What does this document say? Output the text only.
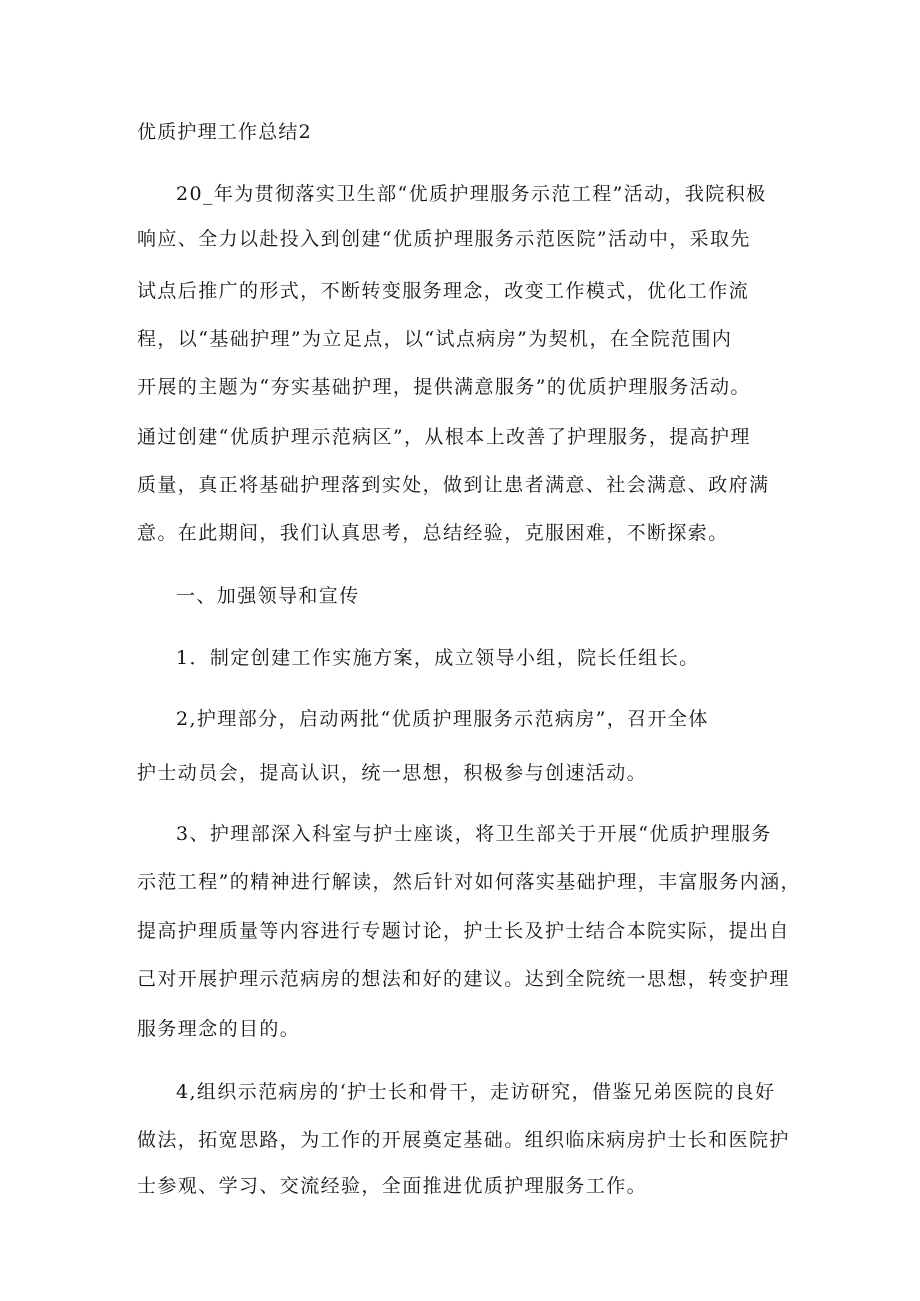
优质护理工作总结2

20_年为贯彻落实卫生部“优质护理服务示范工程”活动，我院积极

响应、全力以赴投入到创建“优质护理服务示范医院”活动中，采取先

试点后推广的形式，不断转变服务理念，改变工作模式，优化工作流

程，以“基础护理”为立足点，以“试点病房”为契机，在全院范围内

开展的主题为“夯实基础护理，提供满意服务”的优质护理服务活动。

通过创建“优质护理示范病区”，从根本上改善了护理服务，提高护理

质量，真正将基础护理落到实处，做到让患者满意、社会满意、政府满

意。在此期间，我们认真思考，总结经验，克服困难，不断探索。

一、加强领导和宣传

1．制定创建工作实施方案，成立领导小组，院长任组长。

2,护理部分，启动两批“优质护理服务示范病房”，召开全体

护士动员会，提高认识，统一思想，积极参与创速活动。

3、护理部深入科室与护士座谈，将卫生部关于开展“优质护理服务

示范工程”的精神进行解读，然后针对如何落实基础护理，丰富服务内涵，

提高护理质量等内容进行专题讨论，护士长及护士结合本院实际，提出自

己对开展护理示范病房的想法和好的建议。达到全院统一思想，转变护理

服务理念的目的。

4,组织示范病房的‘护士长和骨干，走访研究，借鉴兄弟医院的良好

做法，拓宽思路，为工作的开展奠定基础。组织临床病房护士长和医院护

士参观、学习、交流经验，全面推进优质护理服务工作。
